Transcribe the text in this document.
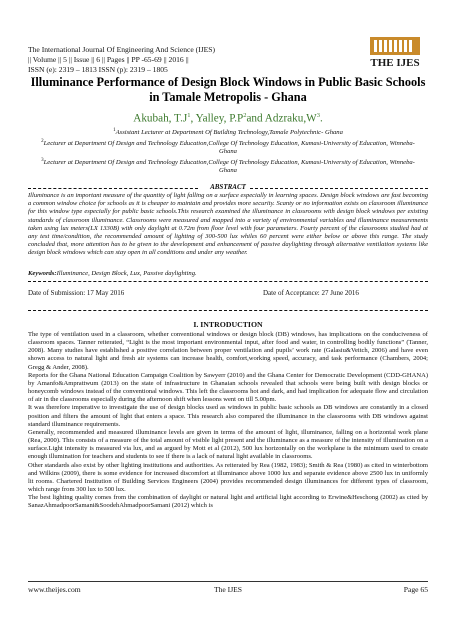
The International Journal Of Engineering And Science (IJES)
|| Volume || 5 || Issue || 6 || Pages || PP -65-69 || 2016 ||
ISSN (e): 2319 – 1813 ISSN (p): 2319 – 1805
THE IJES
Illuminance Performance of Design Block Windows in Public Basic Schools in Tamale Metropolis - Ghana
Akubah, $T.J^1$, Yalley, $P.P^2and$ $Adzraku,W^3$.
$^1$Assistant Lecturer at Department Of Building Technology,Tamale Polytechnic- Ghana
$^2$Lecturer at Department Of Design and Technology Education,College Of Technology Education, Kumasi-University of Education, Winneba-Ghana
$^3$Lecturer at Department Of Design and Technology Education,College Of Technology Education, Kumasi-University of Education, Winneba-Ghana
ABSTRACT
Illuminance is an important measure of the quantity of light falling on a surface especially in learning spaces. Design block windows are fast becoming a common window choice for schools as it is cheaper to maintain and provides more security. Scanty or no information exists on classroom illuminance for this window type especially for public basic schools.This research examined the illuminance in classrooms with design block windows per existing standards of classroom illuminance. Classrooms were measured and mapped into a variety of environmental variables and illuminance measurements taken using lux meters(LX 1330B) with only daylight at 0.72m from floor level with four parameters. Fourty percent of the classrooms studied had at any test time/condition, the recommended amount of lighting of 300-500 lux whiles 60 percent were either below or above this range. The study concluded that, more attention has to be given to the development and enhancement of passive daylighting through alternative ventilation systems like design block windows which can stay open in all conditions and under any weather.
Keywords:Illuminance, Design Block, Lux, Passive daylighting.
Date of Submission: 17 May 2016	Date of Acceptance: 27 June 2016
I. INTRODUCTION

The type of ventilation used in a classroom, whether conventional windows or design block (DB) windows, has implications on the conduciveness of classroom spaces. Tanner reiterated, “Light is the most important environmental input, after food and water, in controlling bodily functions” (Tanner, 2008). Many studies have established a positive correlation between proper ventilation and pupils’ work rate (Galasiu&Veitch, 2006) and have even shown access to natural light and fresh air systems can increase health, comfort,working speed, accuracy, and task performance (Chambers, 2004; Gregg & Ander, 2008).

Reports for the Ghana National Education Campaign Coalition by Sawyerr (2010) and the Ghana Center for Democratic Development (CDD-GHANA) by Amanfo&Amprattwum (2013) on the state of infrastructure in Ghanaian schools revealed that schools were being built with design blocks or honeycomb windows instead of the conventional windows. This left the classrooms hot and dark, and had implication for adequate flow and circulation of air in the classrooms especially during the afternoon shift when lessons went on till 5.00pm.

It was therefore imperative to investigate the use of design blocks used as windows in public basic schools as DB windows are constantly in a closed position and filters the amount of light that enters a space. This research also compared the illuminance in the classrooms with DB windows against standard illuminance requirements.

Generally, recommended and measured illuminance levels are given in terms of the amount of light, illuminance, falling on a horizontal work plane (Rea, 2000). This consists of a measure of the total amount of visible light present and the illuminance as a measure of the intensity of illumination on a surface.Light intensity is measured via lux, and as argued by Mott et al (2012), 500 lux horizontally on the workplane is the minimum used to create enough illumination for teachers and students to see if there is a lack of natural light available in classrooms.

Other standards also exist by other lighting institutions and authorities. As reiterated by Rea (1982, 1983); Smith & Rea (1980) as cited in winterbottom and Wilkins (2009), there is some evidence for increased discomfort at illuminance above 1000 lux and separate evidence above 2500 lux in uniformly lit rooms. Chartered Institution of Building Services Engineers (2004) provides recommended design illuminances for different types of classroom, which range from 300 lux to 500 lux.

The best lighting quality comes from the combination of daylight or natural light and artificial light according to Erwine&Heschong (2002) as cited by SanazAhmadpoorSamani&SoodehAhmadpoorSamani (2012) which is

www.theijes.com	The IJES	Page 65
